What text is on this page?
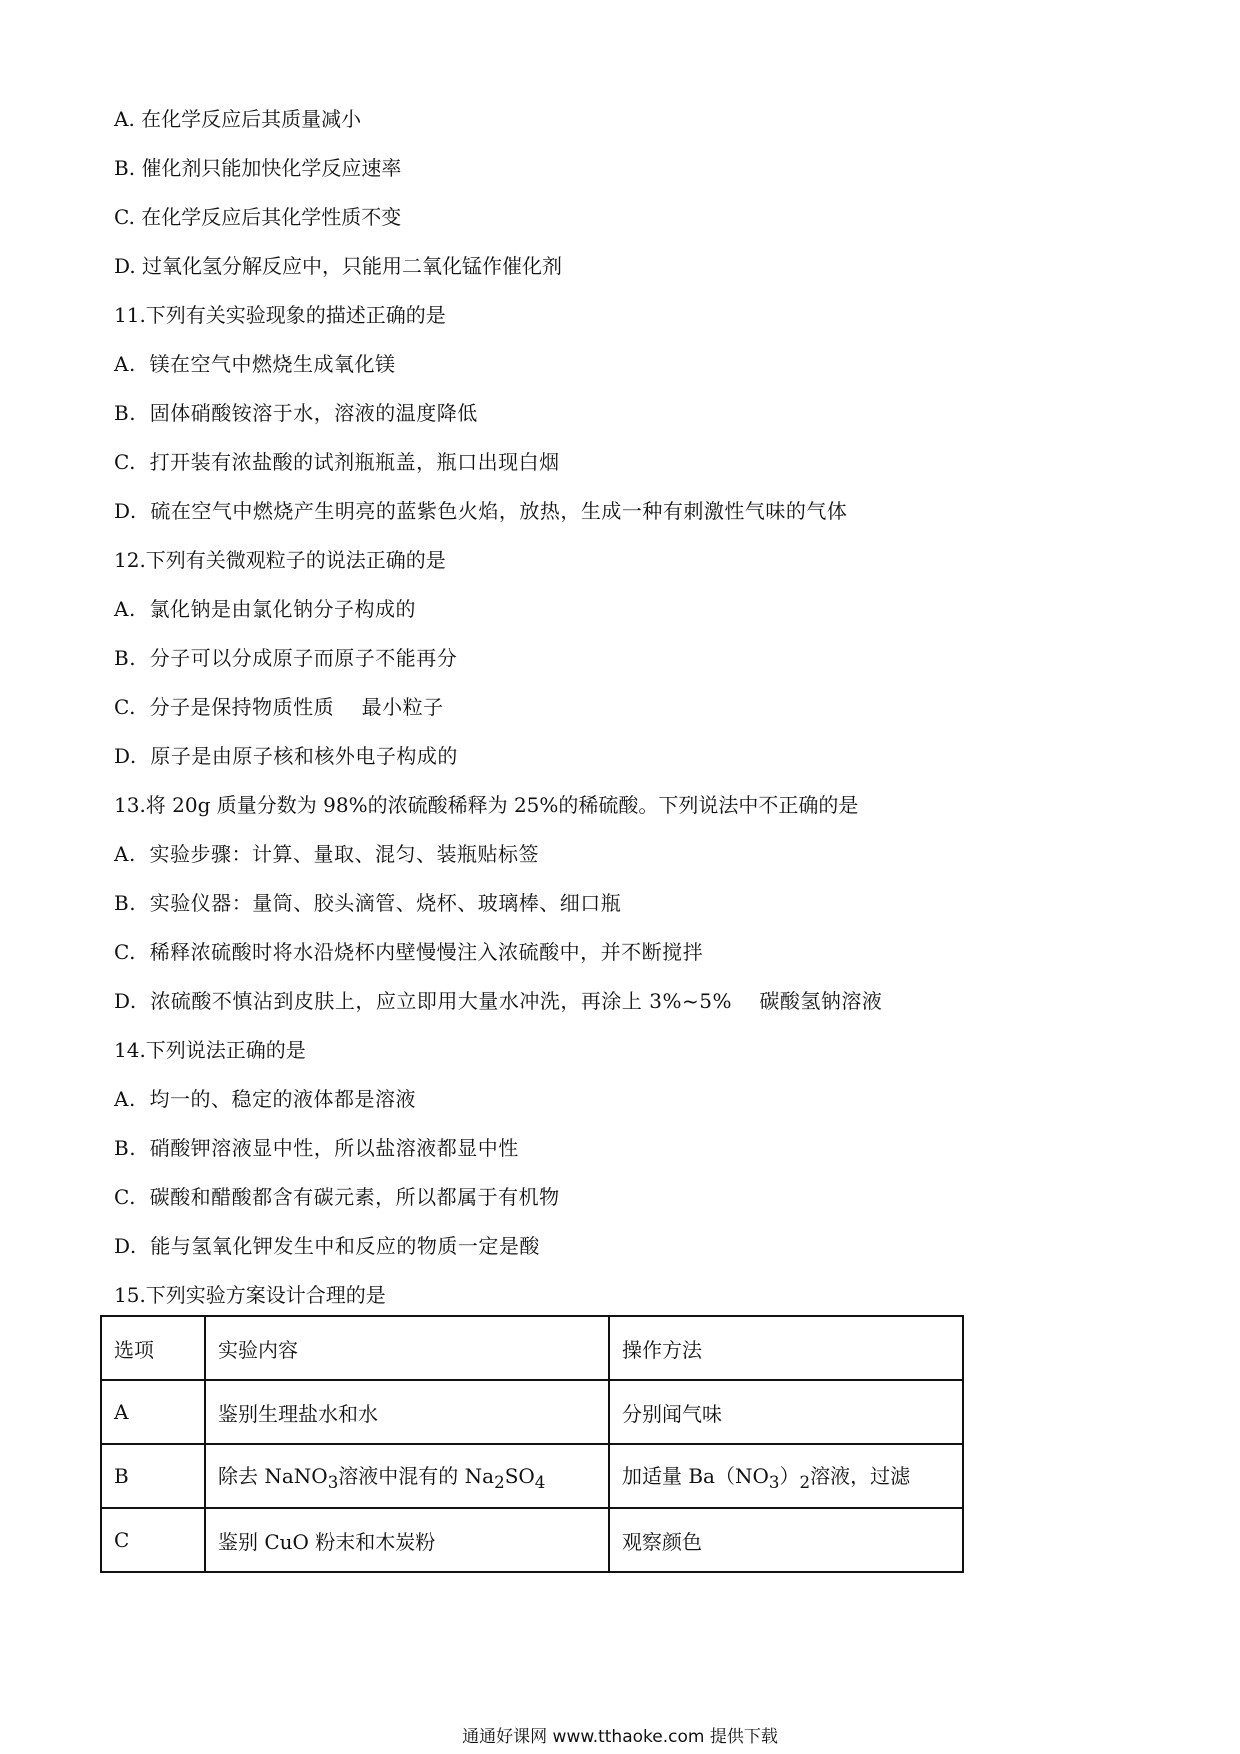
A. 在化学反应后其质量减小
B. 催化剂只能加快化学反应速率
C. 在化学反应后其化学性质不变
D. 过氧化氢分解反应中，只能用二氧化锰作催化剂
11.下列有关实验现象的描述正确的是
A.  镁在空气中燃烧生成氧化镁
B.  固体硝酸铵溶于水，溶液的温度降低
C.  打开装有浓盐酸的试剂瓶瓶盖，瓶口出现白烟
D.  硫在空气中燃烧产生明亮的蓝紫色火焰，放热，生成一种有刺激性气味的气体
12.下列有关微观粒子的说法正确的是
A.  氯化钠是由氯化钠分子构成的
B.  分子可以分成原子而原子不能再分
C.  分子是保持物质性质    最小粒子
D.  原子是由原子核和核外电子构成的
13.将 20g 质量分数为 98%的浓硫酸稀释为 25%的稀硫酸。下列说法中不正确的是
A.  实验步骤：计算、量取、混匀、装瓶贴标签
B.  实验仪器：量筒、胶头滴管、烧杯、玻璃棒、细口瓶
C.  稀释浓硫酸时将水沿烧杯内壁慢慢注入浓硫酸中，并不断搅拌
D.  浓硫酸不慎沾到皮肤上，应立即用大量水冲洗，再涂上 3%~5%    碳酸氢钠溶液
14.下列说法正确的是
A.  均一的、稳定的液体都是溶液
B.  硝酸钾溶液显中性，所以盐溶液都显中性
C.  碳酸和醋酸都含有碳元素，所以都属于有机物
D.  能与氢氧化钾发生中和反应的物质一定是酸
15.下列实验方案设计合理的是
选项	实验内容	操作方法
A	鉴别生理盐水和水	分别闻气味
B	除去 NaNO$_3$溶液中混有的 $Na_2SO_4$	加适量 $Ba(NO_3)_2$溶液，过滤
C	鉴别 CuO 粉末和木炭粉	观察颜色
通通好课网 www.tthaoke.com 提供下载
